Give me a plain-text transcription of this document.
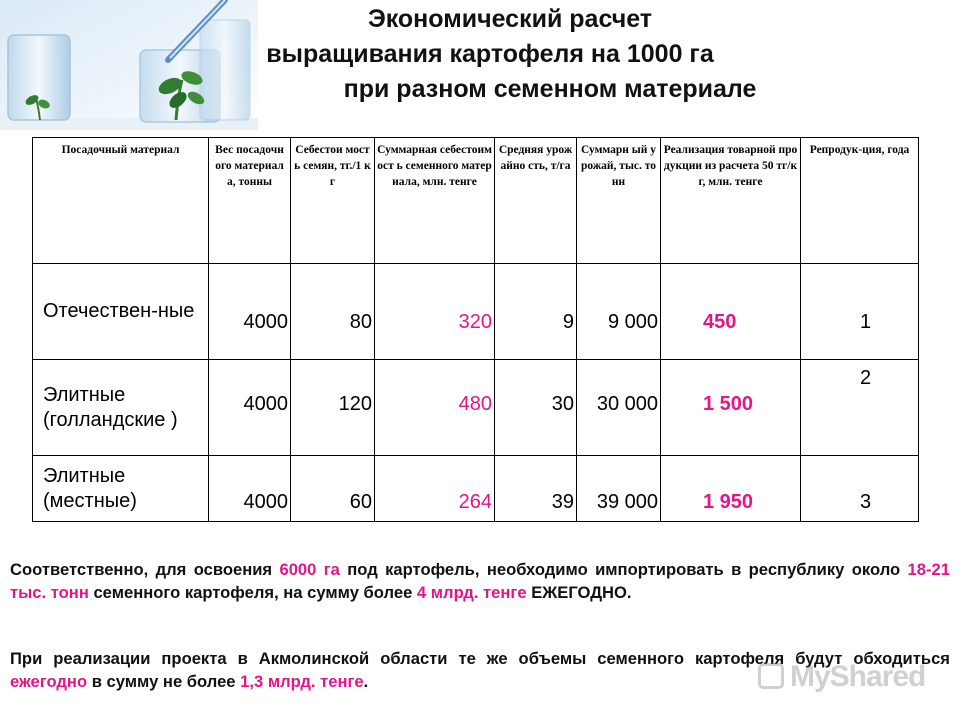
Экономический расчет
выращивания картофеля на 1000 га
при разном семенном материале
Посадочный материал	Вес посадочн ого материал а, тонны	Себестои мость семян, тг./1 кг	Суммарная себестоимост ь семенного материала, млн. тенге	Средняя урожайно сть, т/га	Суммарн ый урожай, тыс. тонн	Реализация товарной продукции из расчета 50 тг/кг, млн. тенге	Репродук-ция, года
Отечествен-ные	4000	80	320	9	9 000	450	1
Элитные (голландские )	4000	120	480	30	30 000	1 500	2
Элитные (местные)	4000	60	264	39	39 000	1 950	3

Соответственно, для освоения 6000 га под картофель, необходимо импортировать в республику около 18-21 тыс. тонн семенного картофеля, на сумму более 4 млрд. тенге ЕЖЕГОДНО.

При реализации проекта в Акмолинской области те же объемы семенного картофеля будут обходиться ежегодно в сумму не более 1,3 млрд. тенге.	MyShared
